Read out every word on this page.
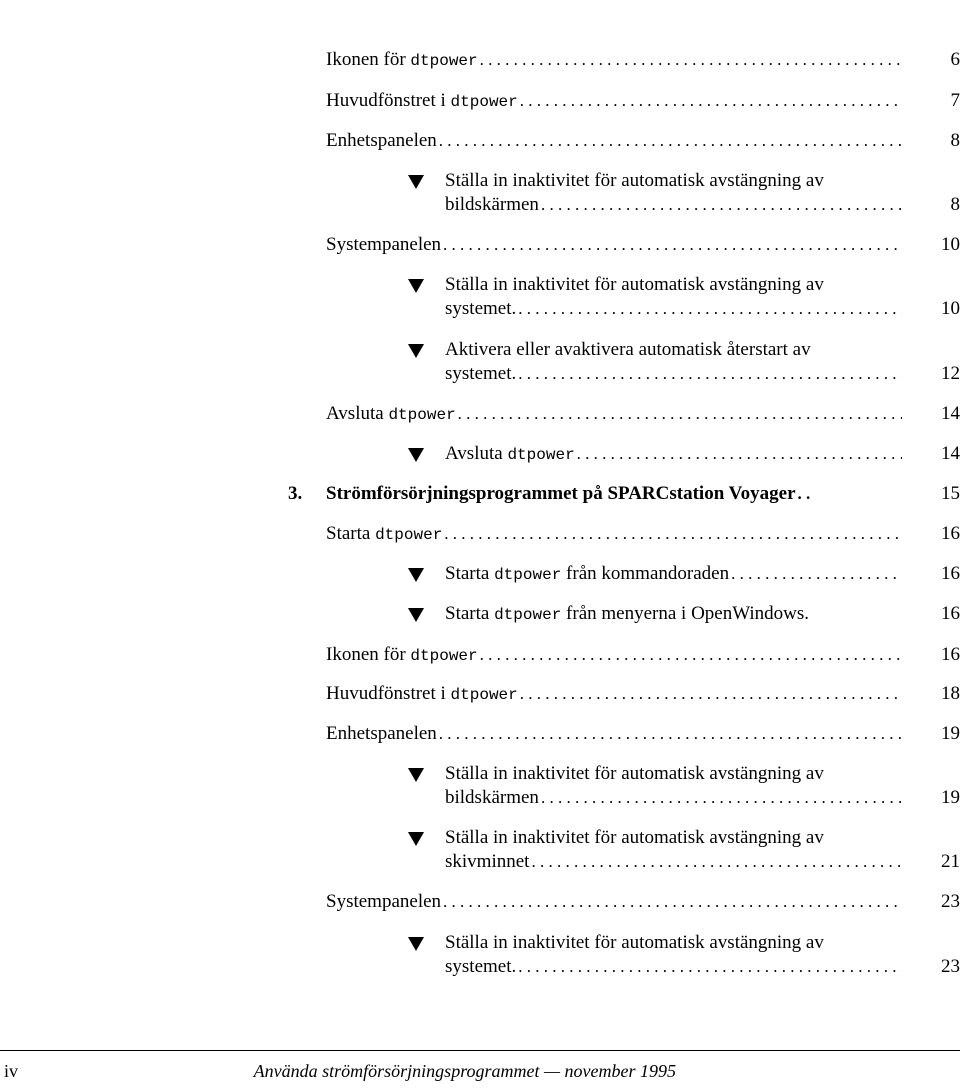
Ikonen för dtpower . . .	6
Huvudfönstret i dtpower . . .	7
Enhetspanelen . . .	8
Ställa in inaktivitet för automatisk avstängning av
bildskärmen . . .	8
Systempanelen . . .	10
Ställa in inaktivitet för automatisk avstängning av
systemet. . . .	10
Aktivera eller avaktivera automatisk återstart av
systemet. . . .	12
Avsluta dtpower . . .	14
Avsluta dtpower . . .	14
3. Strömförsörjningsprogrammet på SPARCstation Voyager . .	15
Starta dtpower . . .	16
Starta dtpower från kommandoraden . . .	16
Starta dtpower från menyerna i OpenWindows.	16
Ikonen för dtpower . . .	16
Huvudfönstret i dtpower . . .	18
Enhetspanelen . . .	19
Ställa in inaktivitet för automatisk avstängning av
bildskärmen . . .	19
Ställa in inaktivitet för automatisk avstängning av
skivminnet . . .	21
Systempanelen . . .	23
Ställa in inaktivitet för automatisk avstängning av
systemet. . . .	23
iv	Använda strömförsörjningsprogrammet — november 1995
